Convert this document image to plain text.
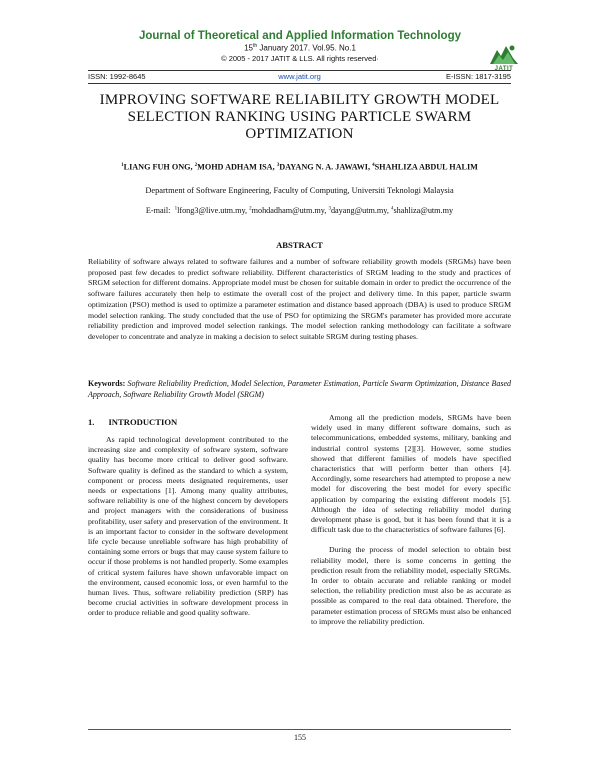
Journal of Theoretical and Applied Information Technology
15th January 2017. Vol.95. No.1
© 2005 - 2017 JATIT & LLS. All rights reserved·
JATIT
ISSN: 1992-8645	www.jatit.org	E-ISSN: 1817-3195
IMPROVING SOFTWARE RELIABILITY GROWTH MODEL SELECTION RANKING USING PARTICLE SWARM OPTIMIZATION
$^1$LIANG FUH ONG, $^2$MOHD ADHAM ISA, $^3$DAYANG N. A. JAWAWI, $^4$SHAHLIZA ABDUL HALIM
Department of Software Engineering, Faculty of Computing, Universiti Teknologi Malaysia
E-mail: $^1$lfong3@live.utm.my, $^2$mohdadham@utm.my, $^3$dayang@utm.my, $^4$shahliza@utm.my
ABSTRACT
Reliability of software always related to software failures and a number of software reliability growth models (SRGMs) have been proposed past few decades to predict software reliability. Different characteristics of SRGM leading to the study and practices of SRGM selection for different domains. Appropriate model must be chosen for suitable domain in order to predict the occurrence of the software failures accurately then help to estimate the overall cost of the project and delivery time. In this paper, particle swarm optimization (PSO) method is used to optimize a parameter estimation and distance based approach (DBA) is used to produce SRGM model selection ranking. The study concluded that the use of PSO for optimizing the SRGM's parameter has provided more accurate reliability prediction and improved model selection rankings. The model selection ranking methodology can facilitate a software developer to concentrate and analyze in making a decision to select suitable SRGM during testing phases.
Keywords: Software Reliability Prediction, Model Selection, Parameter Estimation, Particle Swarm Optimization, Distance Based Approach, Software Reliability Growth Model (SRGM)
1. INTRODUCTION

As rapid technological development contributed to the increasing size and complexity of software system, software quality has become more critical to deliver good software. Software quality is defined as the standard to which a system, component or process meets designated requirements, user needs or expectations [1]. Among many quality attributes, software reliability is one of the highest concern by developers and project managers with the considerations of business profitability, user safety and preservation of the environment. It is an important factor to consider in the software development life cycle because unreliable software has high probability of containing some errors or bugs that may cause system failure to occur if those problems is not handled properly. Some examples of critical system failures have shown unfavorable impact on the environment, caused economic loss, or even harmful to the human lives. Thus, software reliability prediction (SRP) has become crucial activities in software development process in order to produce reliable and good quality software.

Among all the prediction models, SRGMs have been widely used in many different software domains, such as telecommunications, embedded systems, military, banking and industrial control systems [2][3]. However, some studies showed that different families of models have specified characteristics that will perform better than others [4]. Accordingly, some researchers had attempted to propose a new model for discovering the best model for every specific application by comparing the existing different models [5]. Although the idea of selecting reliability model during development phase is good, but it has been found that it is a difficult task due to the characteristics of software failures [6].

During the process of model selection to obtain best reliability model, there is some concerns in getting the prediction result from the reliability model, especially SRGMs. In order to obtain accurate and reliable ranking or model selection, the reliability prediction must also be as accurate as possible as compared to the real data obtained. Therefore, the parameter estimation process of SRGMs must also be enhanced to improve the reliability prediction.

155
